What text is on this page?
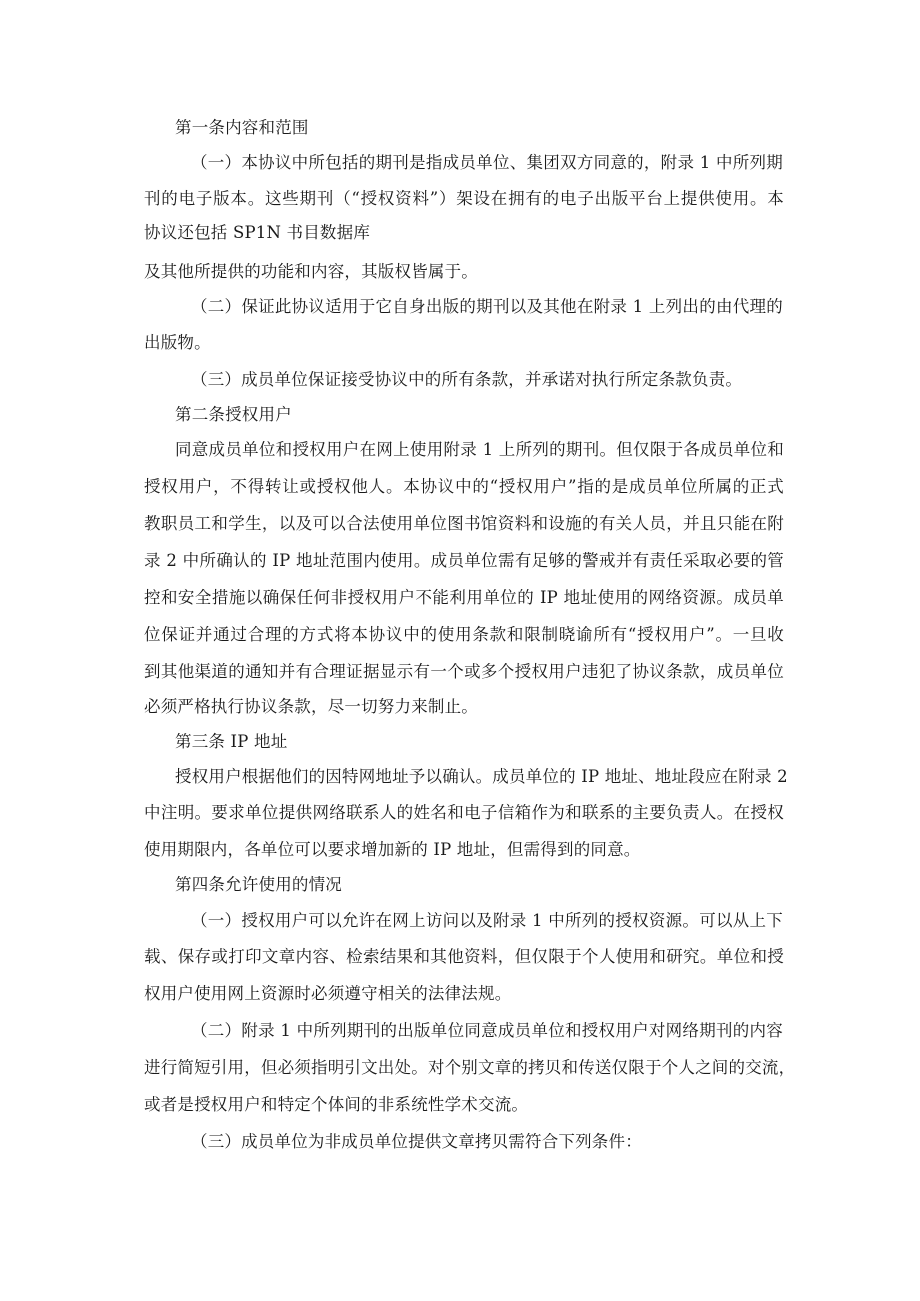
第一条内容和范围
（一）本协议中所包括的期刊是指成员单位、集团双方同意的，附录 1 中所列期
刊的电子版本。这些期刊（“授权资料”）架设在拥有的电子出版平台上提供使用。本
协议还包括 SP1N 书目数据库
及其他所提供的功能和内容，其版权皆属于。
（二）保证此协议适用于它自身出版的期刊以及其他在附录 1 上列出的由代理的
出版物。
（三）成员单位保证接受协议中的所有条款，并承诺对执行所定条款负责。
第二条授权用户
同意成员单位和授权用户在网上使用附录 1 上所列的期刊。但仅限于各成员单位和
授权用户，不得转让或授权他人。本协议中的“授权用户”指的是成员单位所属的正式
教职员工和学生，以及可以合法使用单位图书馆资料和设施的有关人员，并且只能在附
录 2 中所确认的 IP 地址范围内使用。成员单位需有足够的警戒并有责任采取必要的管
控和安全措施以确保任何非授权用户不能利用单位的 IP 地址使用的网络资源。成员单
位保证并通过合理的方式将本协议中的使用条款和限制晓谕所有“授权用户”。一旦收
到其他渠道的通知并有合理证据显示有一个或多个授权用户违犯了协议条款，成员单位
必须严格执行协议条款，尽一切努力来制止。
第三条 IP 地址
授权用户根据他们的因特网地址予以确认。成员单位的 IP 地址、地址段应在附录 2
中注明。要求单位提供网络联系人的姓名和电子信箱作为和联系的主要负责人。在授权
使用期限内，各单位可以要求增加新的 IP 地址，但需得到的同意。
第四条允许使用的情况
（一）授权用户可以允许在网上访问以及附录 1 中所列的授权资源。可以从上下
载、保存或打印文章内容、检索结果和其他资料，但仅限于个人使用和研究。单位和授
权用户使用网上资源时必须遵守相关的法律法规。
（二）附录 1 中所列期刊的出版单位同意成员单位和授权用户对网络期刊的内容
进行简短引用，但必须指明引文出处。对个别文章的拷贝和传送仅限于个人之间的交流，
或者是授权用户和特定个体间的非系统性学术交流。
（三）成员单位为非成员单位提供文章拷贝需符合下列条件：
